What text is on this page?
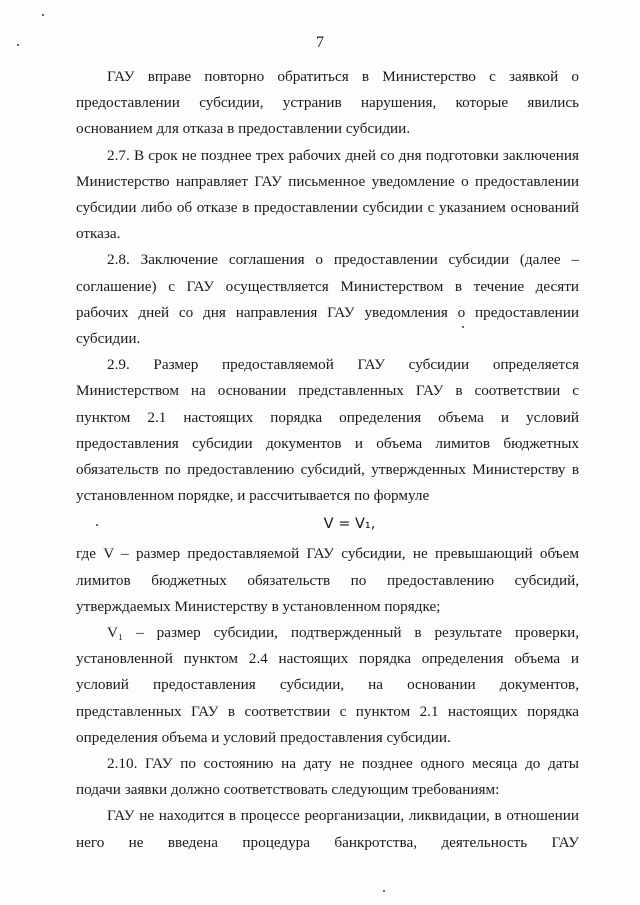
7

ГАУ вправе повторно обратиться в Министерство с заявкой о предоставлении субсидии, устранив нарушения, которые явились основанием для отказа в предоставлении субсидии.

2.7. В срок не позднее трех рабочих дней со дня подготовки заключения Министерство направляет ГАУ письменное уведомление о предоставлении субсидии либо об отказе в предоставлении субсидии с указанием оснований отказа.

2.8. Заключение соглашения о предоставлении субсидии (далее – соглашение) с ГАУ осуществляется Министерством в течение десяти рабочих дней со дня направления ГАУ уведомления о предоставлении субсидии.

2.9. Размер предоставляемой ГАУ субсидии определяется Министерством на основании представленных ГАУ в соответствии с пунктом 2.1 настоящих порядка определения объема и условий предоставления субсидии документов и объема лимитов бюджетных обязательств по предоставлению субсидий, утвержденных Министерству в установленном порядке, и рассчитывается по формуле

V = V₁,

где V – размер предоставляемой ГАУ субсидии, не превышающий объем лимитов бюджетных обязательств по предоставлению субсидий, утверждаемых Министерству в установленном порядке;

V₁ – размер субсидии, подтвержденный в результате проверки, установленной пунктом 2.4 настоящих порядка определения объема и условий предоставления субсидии, на основании документов, представленных ГАУ в соответствии с пунктом 2.1 настоящих порядка определения объема и условий предоставления субсидии.

2.10. ГАУ по состоянию на дату не позднее одного месяца до даты подачи заявки должно соответствовать следующим требованиям:

ГАУ не находится в процессе реорганизации, ликвидации, в отношении него не введена процедура банкротства, деятельность ГАУ
